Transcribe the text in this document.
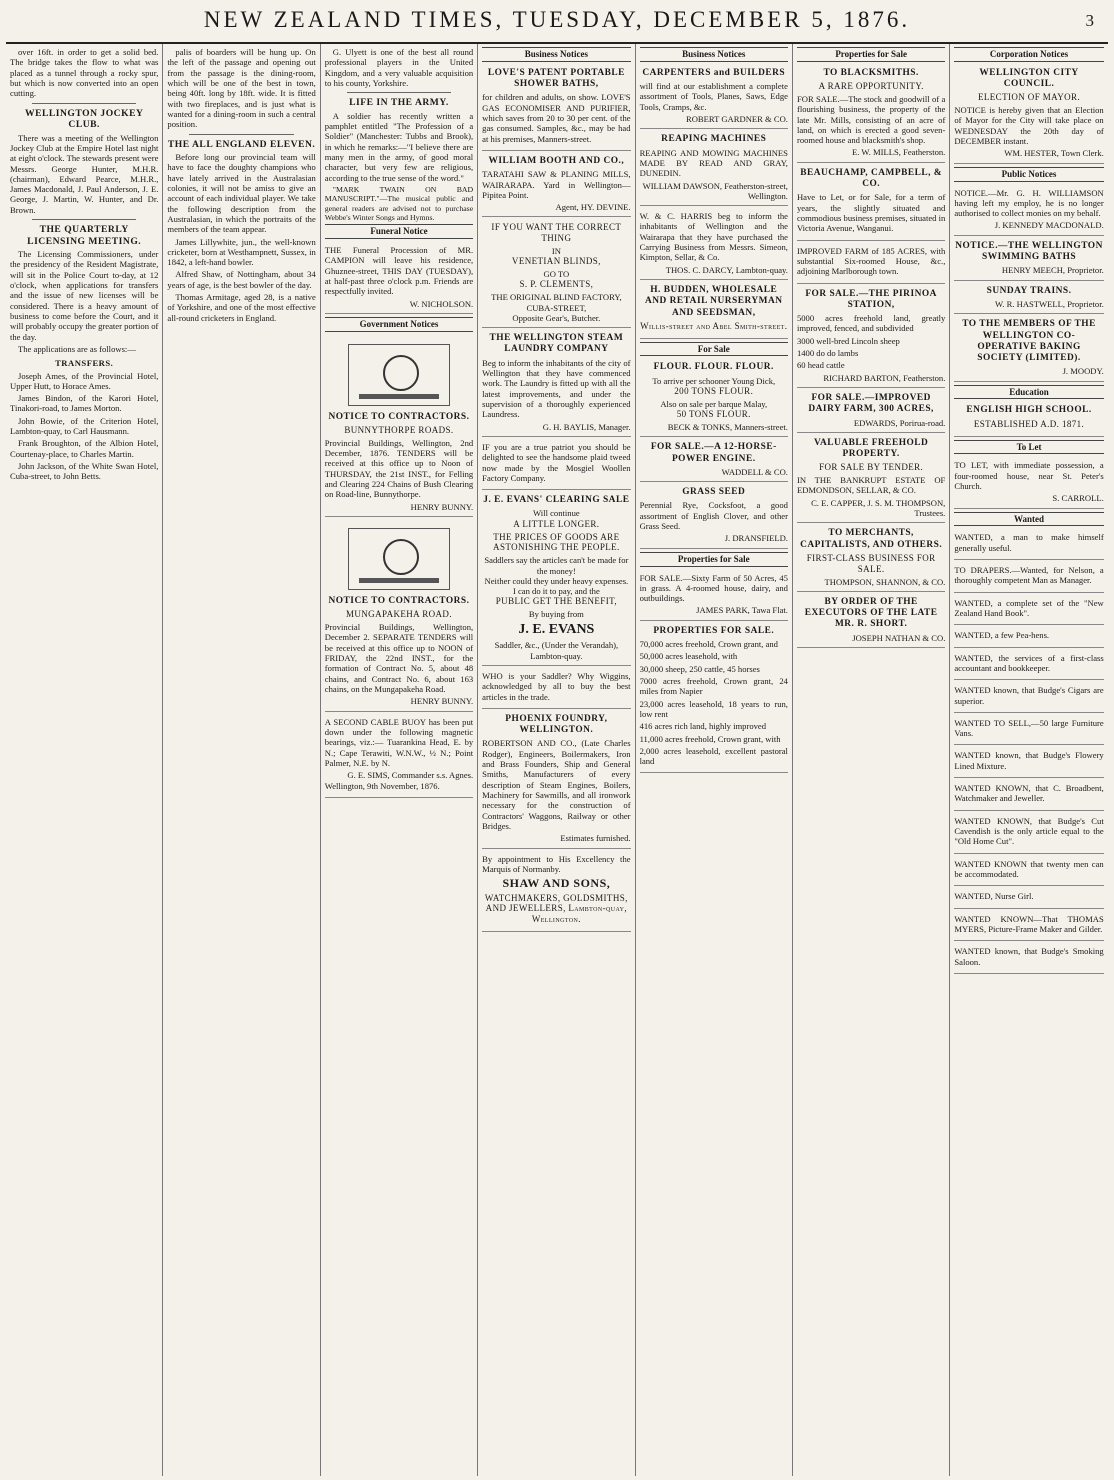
NEW ZEALAND TIMES, TUESDAY, DECEMBER 5, 1876.	3

over 16ft. in order to get a solid bed. The bridge takes the flow to what was placed as a tunnel through a rocky spur, but which is now converted into an open cutting.

WELLINGTON JOCKEY CLUB.

There was a meeting of the Wellington Jockey Club at the Empire Hotel last night at eight o'clock. The stewards present were Messrs. George Hunter, M.H.R. (chairman), Edward Pearce, M.H.R., James Macdonald, J. Paul Anderson, J. E. George, J. Martin, W. Hunter, and Dr. Brown.

THE QUARTERLY LICENSING MEETING.

The Licensing Commissioners, under the presidency of the Resident Magistrate, will sit in the Police Court to-day, at 12 o'clock, when applications for transfers and the issue of new licenses will be considered. There is a heavy amount of business to come before the Court, and it will probably occupy the greater portion of the day.

The applications are as follows:—

TRANSFERS.

Joseph Ames, of the Provincial Hotel, Upper Hutt, to Horace Ames.

James Bindon, of the Karori Hotel, Tinakori-road, to James Morton.

John Bowie, of the Criterion Hotel, Lambton-quay, to Carl Hausmann.

Frank Broughton, of the Albion Hotel, Courtenay-place, to Charles Martin.

John Jackson, of the White Swan Hotel, Cuba-street, to John Betts.

palis of boarders will be hung up. On the left of the passage and opening out from the passage is the dining-room, which will be one of the best in town, being 40ft. long by 18ft. wide. It is fitted with two fireplaces, and is just what is wanted for a dining-room in such a central position.

THE ALL ENGLAND ELEVEN.

Before long our provincial team will have to face the doughty champions who have lately arrived in the Australasian colonies, it will not be amiss to give an account of each individual player. We take the following description from the Australasian, in which the portraits of the members of the team appear.

James Lillywhite, jun., the well-known cricketer, born at Westhampnett, Sussex, in 1842, a left-hand bowler.

Alfred Shaw, of Nottingham, about 34 years of age, is the best bowler of the day.

Thomas Armitage, aged 28, is a native of Yorkshire, and one of the most effective all-round cricketers in England.

G. Ulyett is one of the best all round professional players in the United Kingdom, and a very valuable acquisition to his county, Yorkshire.

LIFE IN THE ARMY.

A soldier has recently written a pamphlet entitled "The Profession of a Soldier" (Manchester: Tubbs and Brook), in which he remarks:—"I believe there are many men in the army, of good moral character, but very few are religious, according to the true sense of the word."

"MARK TWAIN ON BAD MANUSCRIPT."—The musical public and general readers are advised not to purchase Webbe's Winter Songs and Hymns.

Funeral Notice

THE Funeral Procession of MR. CAMPION will leave his residence, Ghuznee-street, THIS DAY (TUESDAY), at half-past three o'clock p.m. Friends are respectfully invited.

W. NICHOLSON.
Government Notices
NOTICE TO CONTRACTORS.
BUNNYTHORPE ROADS.

Provincial Buildings, Wellington, 2nd December, 1876. TENDERS will be received at this office up to Noon of THURSDAY, the 21st INST., for Felling and Clearing 224 Chains of Bush Clearing on Road-line, Bunnythorpe.

HENRY BUNNY.
NOTICE TO CONTRACTORS.
MUNGAPAKEHA ROAD.

Provincial Buildings, Wellington, December 2. SEPARATE TENDERS will be received at this office up to NOON of FRIDAY, the 22nd INST., for the formation of Contract No. 5, about 48 chains, and Contract No. 6, about 163 chains, on the Mungapakeha Road.

HENRY BUNNY.

A SECOND CABLE BUOY has been put down under the following magnetic bearings, viz.:— Tuarankina Head, E. by N.; Cape Terawiti, W.N.W., ½ N.; Point Palmer, N.E. by N.

G. E. SIMS, Commander s.s. Agnes.

Wellington, 9th November, 1876.

Business Notices
LOVE'S PATENT PORTABLE SHOWER BATHS,

for children and adults, on show. LOVE'S GAS ECONOMISER AND PURIFIER, which saves from 20 to 30 per cent. of the gas consumed. Samples, &c., may be had at his premises, Manners-street.

WILLIAM BOOTH AND CO.,

TARATAHI SAW & PLANING MILLS, WAIRARAPA. Yard in Wellington—Pipitea Point.

Agent, HY. DEVINE.
IF YOU WANT THE CORRECT THING
IN
VENETIAN BLINDS,
GO TO
S. P. CLEMENTS,
THE ORIGINAL BLIND FACTORY,
CUBA-STREET,
Opposite Gear's, Butcher.
THE WELLINGTON STEAM LAUNDRY COMPANY

Beg to inform the inhabitants of the city of Wellington that they have commenced work. The Laundry is fitted up with all the latest improvements, and under the supervision of a thoroughly experienced Laundress.

G. H. BAYLIS, Manager.

IF you are a true patriot you should be delighted to see the handsome plaid tweed now made by the Mosgiel Woollen Factory Company.

J. E. EVANS' CLEARING SALE
Will continue
A LITTLE LONGER.
THE PRICES OF GOODS ARE ASTONISHING THE PEOPLE.
Saddlers say the articles can't be made for the money!
Neither could they under heavy expenses.
I can do it to pay, and the
PUBLIC GET THE BENEFIT,
By buying from
J. E. EVANS
Saddler, &c., (Under the Verandah), Lambton-quay.

WHO is your Saddler? Why Wiggins, acknowledged by all to buy the best articles in the trade.

PHOENIX FOUNDRY, WELLINGTON.

ROBERTSON AND CO., (Late Charles Rodger), Engineers, Boilermakers, Iron and Brass Founders, Ship and General Smiths, Manufacturers of every description of Steam Engines, Boilers, Machinery for Sawmills, and all ironwork necessary for the construction of Contractors' Waggons, Railway or other Bridges.

Estimates furnished.

By appointment to His Excellency the Marquis of Normanby.

SHAW AND SONS,
WATCHMAKERS, GOLDSMITHS, AND JEWELLERS, Lambton-quay, Wellington.
Business Notices
CARPENTERS and BUILDERS

will find at our establishment a complete assortment of Tools, Planes, Saws, Edge Tools, Cramps, &c.

ROBERT GARDNER & CO.
REAPING MACHINES

REAPING AND MOWING MACHINES MADE BY READ AND GRAY, DUNEDIN.

WILLIAM DAWSON, Featherston-street, Wellington.

W. & C. HARRIS beg to inform the inhabitants of Wellington and the Wairarapa that they have purchased the Carrying Business from Messrs. Simeon, Kimpton, Sellar, & Co.

THOS. C. DARCY, Lambton-quay.
H. BUDDEN, WHOLESALE AND RETAIL NURSERYMAN AND SEEDSMAN,
Willis-street and Abel Smith-street.
For Sale
FLOUR. FLOUR. FLOUR.
To arrive per schooner Young Dick,
200 TONS FLOUR.
Also on sale per barque Malay,
50 TONS FLOUR.
BECK & TONKS, Manners-street.
FOR SALE.—A 12-HORSE-POWER ENGINE.
WADDELL & CO.
GRASS SEED

Perennial Rye, Cocksfoot, a good assortment of English Clover, and other Grass Seed.

J. DRANSFIELD.
Properties for Sale

FOR SALE.—Sixty Farm of 50 Acres, 45 in grass. A 4-roomed house, dairy, and outbuildings.

JAMES PARK, Tawa Flat.
PROPERTIES FOR SALE.

70,000 acres freehold, Crown grant, and

50,000 acres leasehold, with

30,000 sheep, 250 cattle, 45 horses

7000 acres freehold, Crown grant, 24 miles from Napier

23,000 acres leasehold, 18 years to run, low rent

416 acres rich land, highly improved

11,000 acres freehold, Crown grant, with

2,000 acres leasehold, excellent pastoral land

Properties for Sale
TO BLACKSMITHS.
A RARE OPPORTUNITY.

FOR SALE.—The stock and goodwill of a flourishing business, the property of the late Mr. Mills, consisting of an acre of land, on which is erected a good seven-roomed house and blacksmith's shop.

E. W. MILLS, Featherston.
BEAUCHAMP, CAMPBELL, & CO.

Have to Let, or for Sale, for a term of years, the slightly situated and commodious business premises, situated in Victoria Avenue, Wanganui.

IMPROVED FARM of 185 ACRES, with substantial Six-roomed House, &c., adjoining Marlborough town.

FOR SALE.—THE PIRINOA STATION,

5000 acres freehold land, greatly improved, fenced, and subdivided

3000 well-bred Lincoln sheep

1400 do do lambs

60 head cattle

RICHARD BARTON, Featherston.
FOR SALE.—IMPROVED DAIRY FARM, 300 ACRES,
EDWARDS, Porirua-road.
VALUABLE FREEHOLD PROPERTY.
FOR SALE BY TENDER.

IN THE BANKRUPT ESTATE OF EDMONDSON, SELLAR, & CO.

C. E. CAPPER, J. S. M. THOMPSON, Trustees.
TO MERCHANTS, CAPITALISTS, AND OTHERS.
FIRST-CLASS BUSINESS FOR SALE.
THOMPSON, SHANNON, & CO.
BY ORDER OF THE EXECUTORS OF THE LATE MR. R. SHORT.
JOSEPH NATHAN & CO.
Corporation Notices
WELLINGTON CITY COUNCIL.
ELECTION OF MAYOR.

NOTICE is hereby given that an Election of Mayor for the City will take place on WEDNESDAY the 20th day of DECEMBER instant.

WM. HESTER, Town Clerk.
Public Notices

NOTICE.—Mr. G. H. WILLIAMSON having left my employ, he is no longer authorised to collect monies on my behalf.

J. KENNEDY MACDONALD.
NOTICE.—THE WELLINGTON SWIMMING BATHS
HENRY MEECH, Proprietor.
SUNDAY TRAINS.
W. R. HASTWELL, Proprietor.
TO THE MEMBERS OF THE WELLINGTON CO-OPERATIVE BAKING SOCIETY (LIMITED).
J. MOODY.
Education
ENGLISH HIGH SCHOOL.
ESTABLISHED A.D. 1871.
To Let

TO LET, with immediate possession, a four-roomed house, near St. Peter's Church.

S. CARROLL.
Wanted

WANTED, a man to make himself generally useful.

TO DRAPERS.—Wanted, for Nelson, a thoroughly competent Man as Manager.

WANTED, a complete set of the "New Zealand Hand Book".

WANTED, a few Pea-hens.

WANTED, the services of a first-class accountant and bookkeeper.

WANTED known, that Budge's Cigars are superior.

WANTED TO SELL,—50 large Furniture Vans.

WANTED known, that Budge's Flowery Lined Mixture.

WANTED KNOWN, that C. Broadbent, Watchmaker and Jeweller.

WANTED KNOWN, that Budge's Cut Cavendish is the only article equal to the "Old Home Cut".

WANTED KNOWN that twenty men can be accommodated.

WANTED, Nurse Girl.

WANTED KNOWN—That THOMAS MYERS, Picture-Frame Maker and Gilder.

WANTED known, that Budge's Smoking Saloon.
